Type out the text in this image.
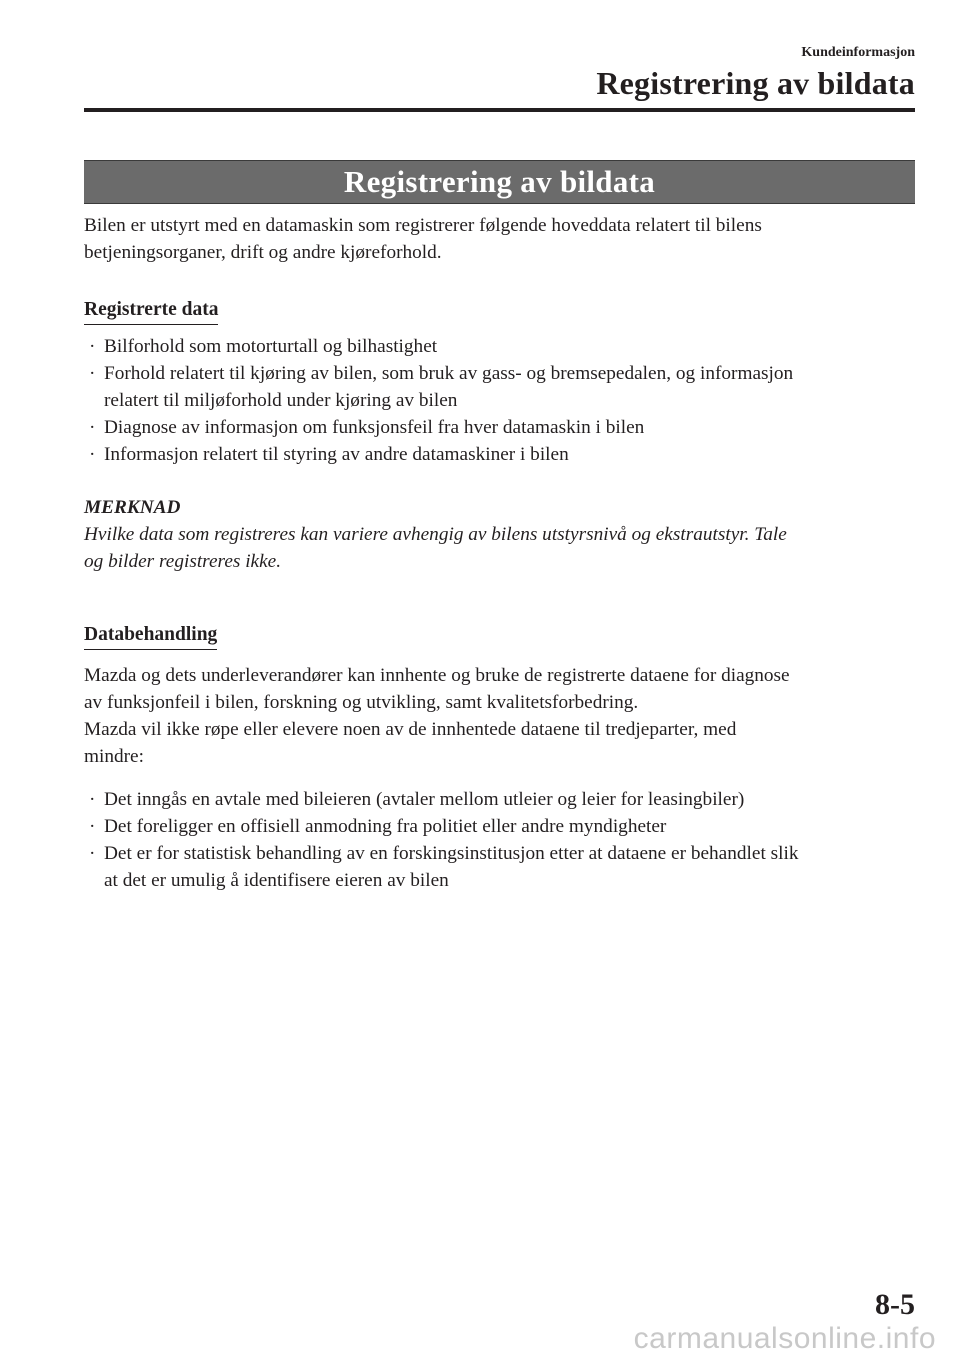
Kundeinformasjon
Registrering av bildata
Registrering av bildata

Bilen er utstyrt med en datamaskin som registrerer følgende hoveddata relatert til bilens
betjeningsorganer, drift og andre kjøreforhold.

Registrerte data
· Bilforhold som motorturtall og bilhastighet
· Forhold relatert til kjøring av bilen, som bruk av gass- og bremsepedalen, og informasjon
relatert til miljøforhold under kjøring av bilen
· Diagnose av informasjon om funksjonsfeil fra hver datamaskin i bilen
· Informasjon relatert til styring av andre datamaskiner i bilen
MERKNAD
Hvilke data som registreres kan variere avhengig av bilens utstyrsnivå og ekstrautstyr. Tale
og bilder registreres ikke.
Databehandling

Mazda og dets underleverandører kan innhente og bruke de registrerte dataene for diagnose
av funksjonfeil i bilen, forskning og utvikling, samt kvalitetsforbedring.
Mazda vil ikke røpe eller elevere noen av de innhentede dataene til tredjeparter, med
mindre:

· Det inngås en avtale med bileieren (avtaler mellom utleier og leier for leasingbiler)
· Det foreligger en offisiell anmodning fra politiet eller andre myndigheter
· Det er for statistisk behandling av en forskingsinstitusjon etter at dataene er behandlet slik
at det er umulig å identifisere eieren av bilen
8-5
carmanualsonline.info
